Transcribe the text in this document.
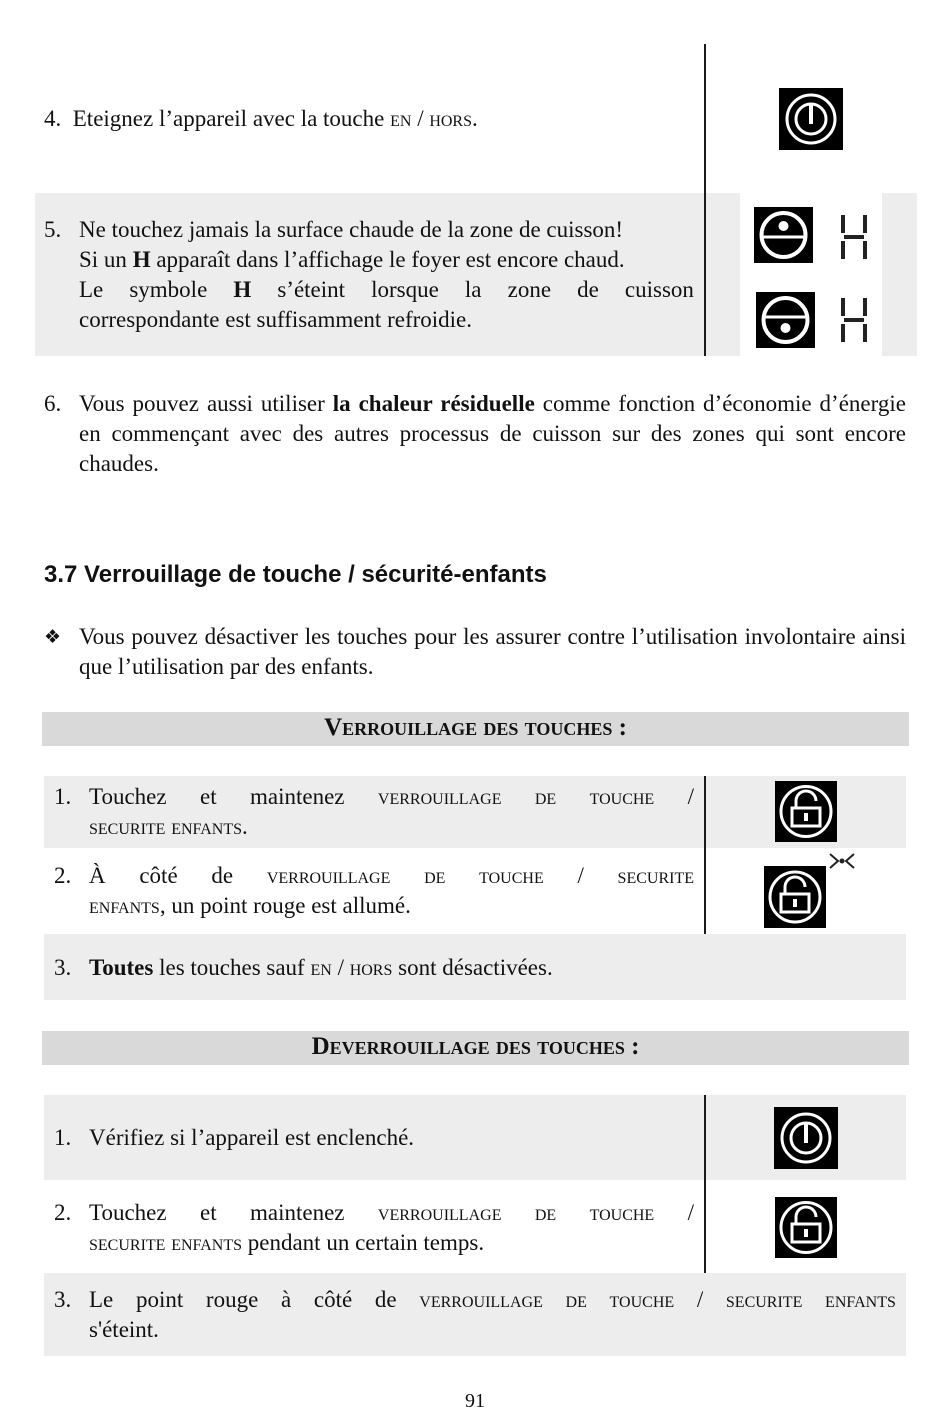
4. Eteignez l’appareil avec la touche en / hors.
5. Ne touchez jamais la surface chaude de la zone de cuisson!
Si un H apparaît dans l’affichage le foyer est encore chaud.
Le symbole H s’éteint lorsque la zone de cuisson
correspondante est suffisamment refroidie.
6. Vous pouvez aussi utiliser la chaleur résiduelle comme fonction d’économie d’énergie en commençant avec des autres processus de cuisson sur des zones qui sont encore chaudes.
3.7 Verrouillage de touche / sécurité-enfants
❖ Vous pouvez désactiver les touches pour les assurer contre l’utilisation involontaire ainsi que l’utilisation par des enfants.
Verrouillage des touches :
1. Touchez et maintenez verrouillage de touche /
securite enfants.
2. À côté de verrouillage de touche / securite
enfants, un point rouge est allumé.
3. Toutes les touches sauf en / hors sont désactivées.
Deverrouillage des touches :
1. Vérifiez si l’appareil est enclenché.
2. Touchez et maintenez verrouillage de touche /
securite enfants pendant un certain temps.
3. Le point rouge à côté de verrouillage de touche / securite enfants
s'éteint.
91
